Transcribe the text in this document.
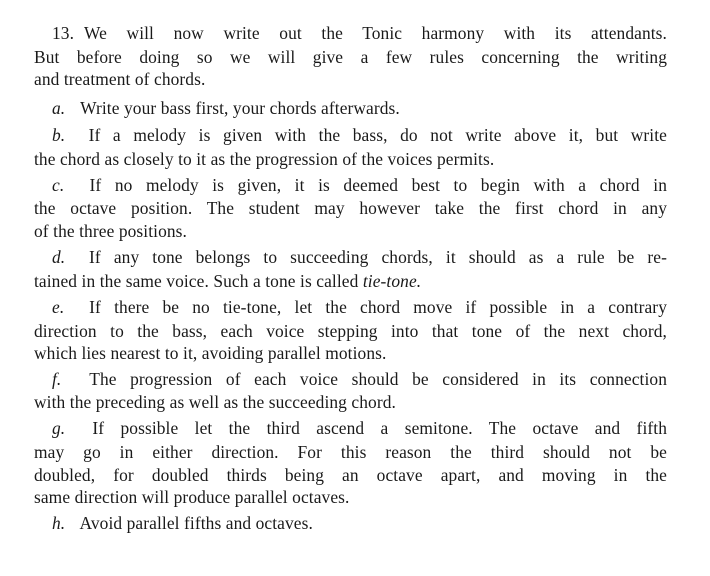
13. We will now write out the Tonic harmony with its attendants.
But before doing so we will give a few rules concerning the writing
and treatment of chords.
a. Write your bass first, your chords afterwards.
b. If a melody is given with the bass, do not write above it, but write
the chord as closely to it as the progression of the voices permits.
c. If no melody is given, it is deemed best to begin with a chord in
the octave position. The student may however take the first chord in any
of the three positions.
d. If any tone belongs to succeeding chords, it should as a rule be re-
tained in the same voice. Such a tone is called tie-tone.
e. If there be no tie-tone, let the chord move if possible in a contrary
direction to the bass, each voice stepping into that tone of the next chord,
which lies nearest to it, avoiding parallel motions.
f. The progression of each voice should be considered in its connection
with the preceding as well as the succeeding chord.
g. If possible let the third ascend a semitone. The octave and fifth
may go in either direction. For this reason the third should not be
doubled, for doubled thirds being an octave apart, and moving in the
same direction will produce parallel octaves.
h. Avoid parallel fifths and octaves.
